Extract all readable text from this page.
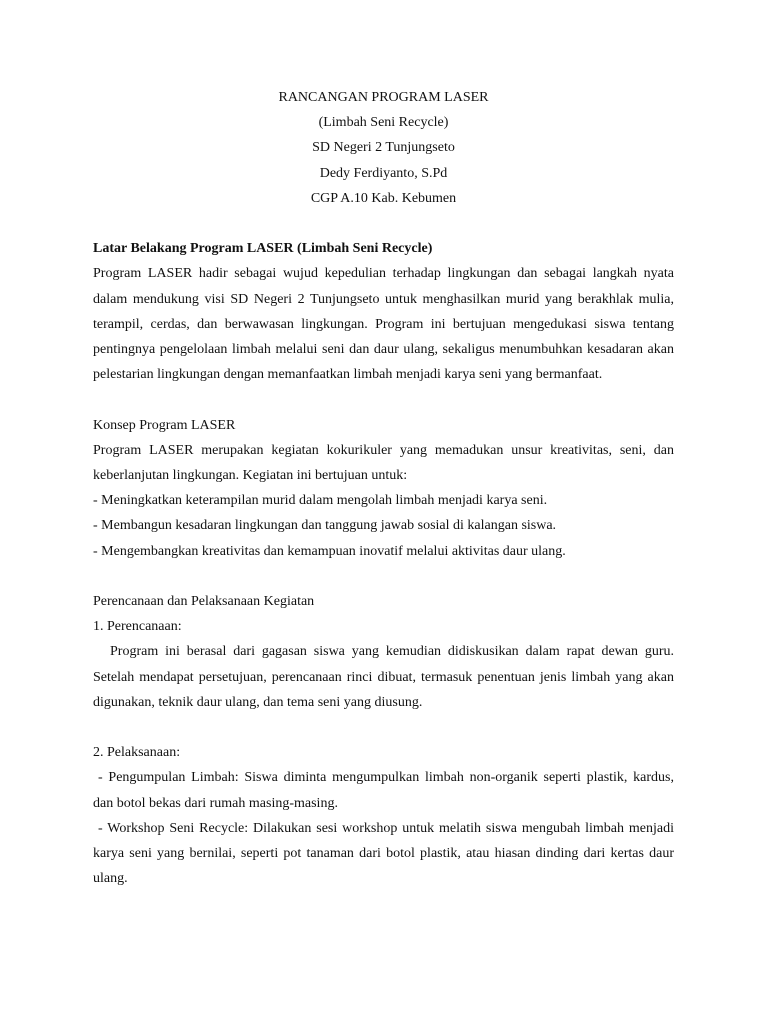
RANCANGAN PROGRAM LASER

(Limbah Seni Recycle)

SD Negeri 2 Tunjungseto

Dedy Ferdiyanto, S.Pd

CGP A.10 Kab. Kebumen

Latar Belakang Program LASER (Limbah Seni Recycle)

Program LASER hadir sebagai wujud kepedulian terhadap lingkungan dan sebagai langkah nyata dalam mendukung visi SD Negeri 2 Tunjungseto untuk menghasilkan murid yang berakhlak mulia, terampil, cerdas, dan berwawasan lingkungan. Program ini bertujuan mengedukasi siswa tentang pentingnya pengelolaan limbah melalui seni dan daur ulang, sekaligus menumbuhkan kesadaran akan pelestarian lingkungan dengan memanfaatkan limbah menjadi karya seni yang bermanfaat.

Konsep Program LASER

Program LASER merupakan kegiatan kokurikuler yang memadukan unsur kreativitas, seni, dan keberlanjutan lingkungan. Kegiatan ini bertujuan untuk:

- Meningkatkan keterampilan murid dalam mengolah limbah menjadi karya seni.

- Membangun kesadaran lingkungan dan tanggung jawab sosial di kalangan siswa.

- Mengembangkan kreativitas dan kemampuan inovatif melalui aktivitas daur ulang.

Perencanaan dan Pelaksanaan Kegiatan

1. Perencanaan:

Program ini berasal dari gagasan siswa yang kemudian didiskusikan dalam rapat dewan guru. Setelah mendapat persetujuan, perencanaan rinci dibuat, termasuk penentuan jenis limbah yang akan digunakan, teknik daur ulang, dan tema seni yang diusung.

2. Pelaksanaan:

- Pengumpulan Limbah: Siswa diminta mengumpulkan limbah non-organik seperti plastik, kardus, dan botol bekas dari rumah masing-masing.

- Workshop Seni Recycle: Dilakukan sesi workshop untuk melatih siswa mengubah limbah menjadi karya seni yang bernilai, seperti pot tanaman dari botol plastik, atau hiasan dinding dari kertas daur ulang.
